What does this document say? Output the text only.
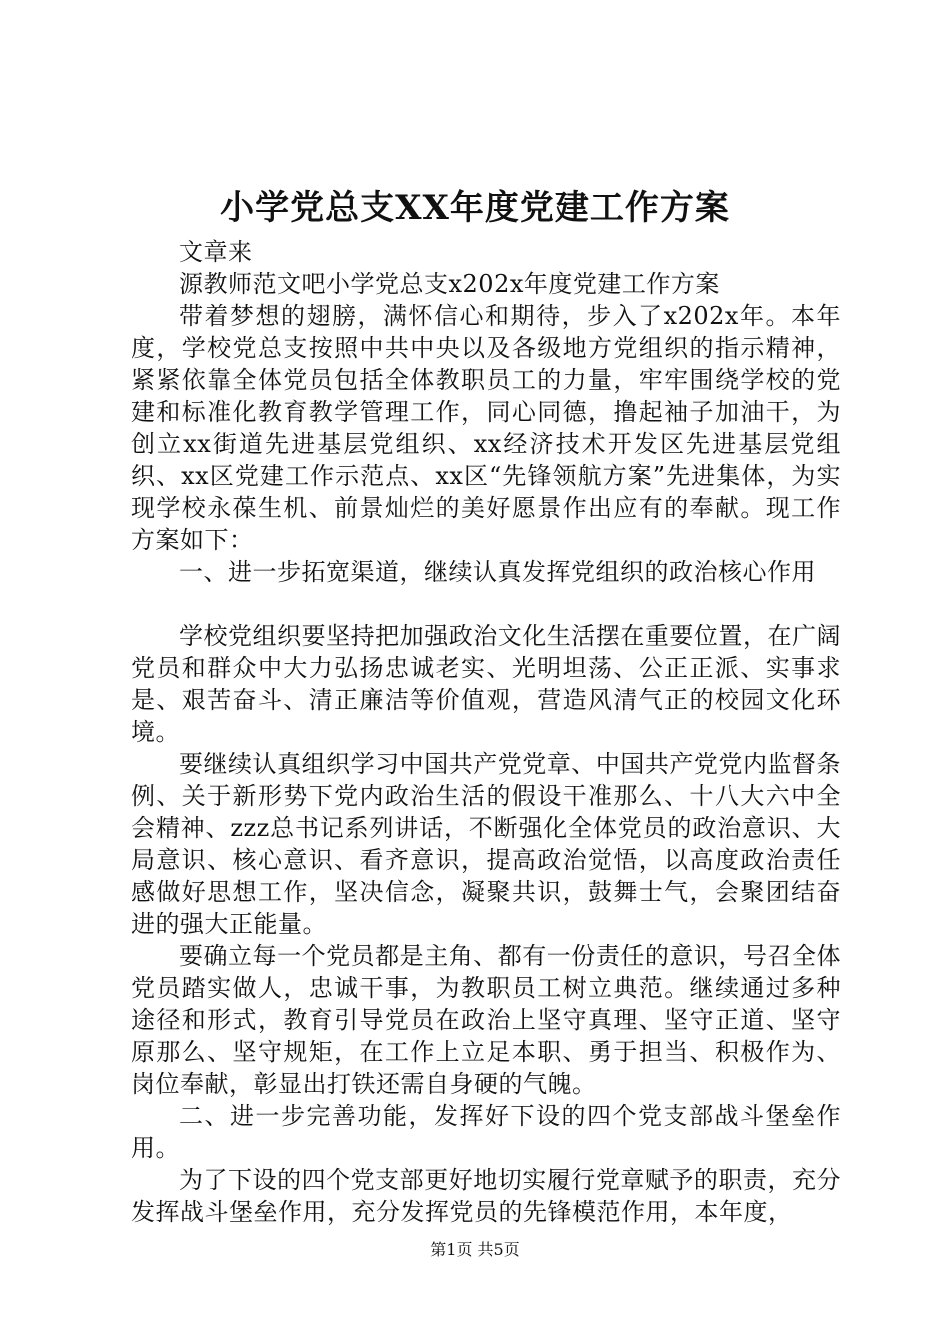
小学党总支XX年度党建工作方案

文章来

源教师范文吧小学党总支x202x年度党建工作方案

带着梦想的翅膀，满怀信心和期待，步入了x202x年。本年度，学校党总支按照中共中央以及各级地方党组织的指示精神，紧紧依靠全体党员包括全体教职员工的力量，牢牢围绕学校的党建和标准化教育教学管理工作，同心同德，撸起袖子加油干，为创立xx街道先进基层党组织、xx经济技术开发区先进基层党组织、xx区党建工作示范点、xx区“先锋领航方案”先进集体，为实现学校永葆生机、前景灿烂的美好愿景作出应有的奉献。现工作方案如下：

一、进一步拓宽渠道，继续认真发挥党组织的政治核心作用

学校党组织要坚持把加强政治文化生活摆在重要位置，在广阔党员和群众中大力弘扬忠诚老实、光明坦荡、公正正派、实事求是、艰苦奋斗、清正廉洁等价值观，营造风清气正的校园文化环境。

要继续认真组织学习中国共产党党章、中国共产党党内监督条例、关于新形势下党内政治生活的假设干准那么、十八大六中全会精神、zzz总书记系列讲话，不断强化全体党员的政治意识、大局意识、核心意识、看齐意识，提高政治觉悟，以高度政治责任感做好思想工作，坚决信念，凝聚共识，鼓舞士气，会聚团结奋进的强大正能量。

要确立每一个党员都是主角、都有一份责任的意识，号召全体党员踏实做人，忠诚干事，为教职员工树立典范。继续通过多种途径和形式，教育引导党员在政治上坚守真理、坚守正道、坚守原那么、坚守规矩，在工作上立足本职、勇于担当、积极作为、岗位奉献，彰显出打铁还需自身硬的气魄。

二、进一步完善功能，发挥好下设的四个党支部战斗堡垒作用。

为了下设的四个党支部更好地切实履行党章赋予的职责，充分发挥战斗堡垒作用，充分发挥党员的先锋模范作用，本年度，

第1页 共5页
